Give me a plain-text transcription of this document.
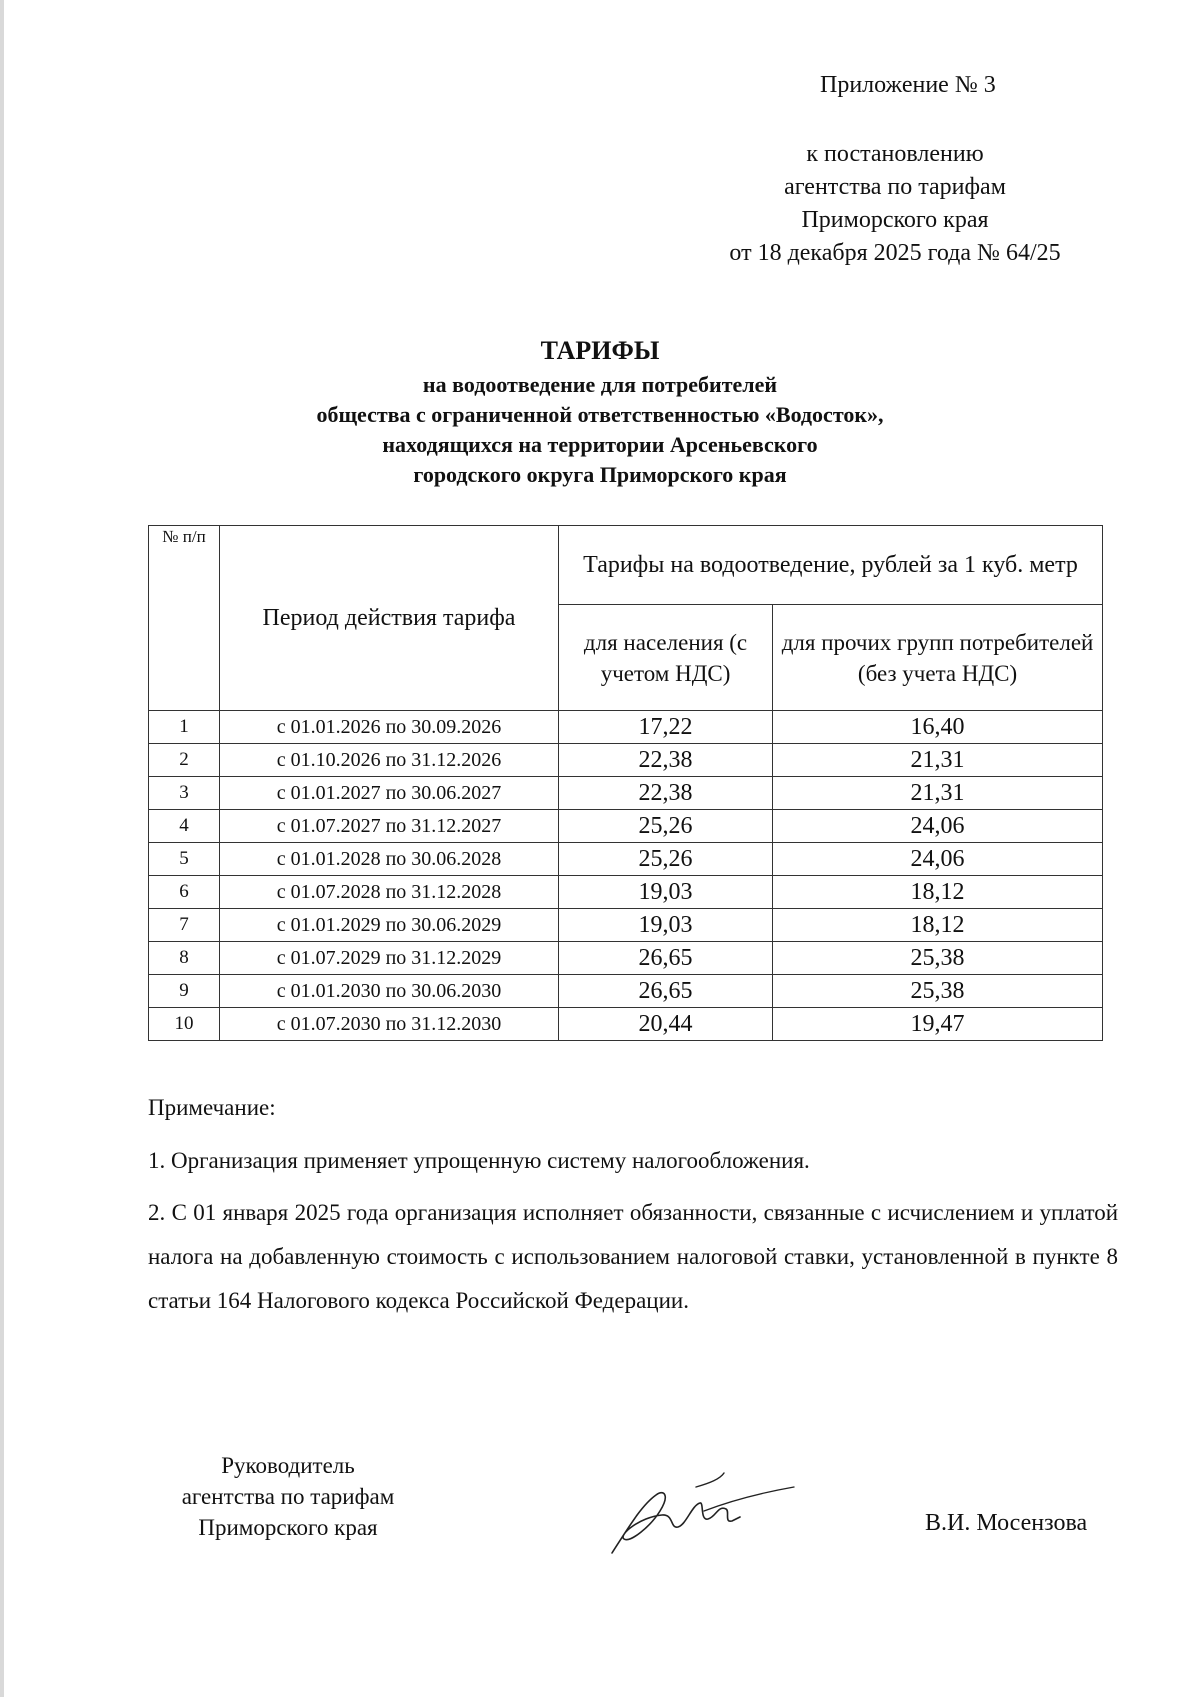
Приложение № 3
к постановлению
агентства по тарифам
Приморского края
от 18 декабря 2025 года № 64/25
ТАРИФЫ
на водоотведение для потребителей
общества с ограниченной ответственностью «Водосток»,
находящихся на территории Арсеньевского
городского округа Приморского края
№ п/п	Период действия тарифа	Тарифы на водоотведение, рублей за 1 куб. метр	
		для населения (с учетом НДС)	для прочих групп потребителей (без учета НДС)
1	с 01.01.2026 по 30.09.2026	17,22	16,40
2	с 01.10.2026 по 31.12.2026	22,38	21,31
3	с 01.01.2027 по 30.06.2027	22,38	21,31
4	с 01.07.2027 по 31.12.2027	25,26	24,06
5	с 01.01.2028 по 30.06.2028	25,26	24,06
6	с 01.07.2028 по 31.12.2028	19,03	18,12
7	с 01.01.2029 по 30.06.2029	19,03	18,12
8	с 01.07.2029 по 31.12.2029	26,65	25,38
9	с 01.01.2030 по 30.06.2030	26,65	25,38
10	с 01.07.2030 по 31.12.2030	20,44	19,47
Примечание:

1. Организация применяет упрощенную систему налогообложения.

2. С 01 января 2025 года организация исполняет обязанности, связанные с исчислением и уплатой налога на добавленную стоимость с использованием налоговой ставки, установленной в пункте 8 статьи 164 Налогового кодекса Российской Федерации.

Руководитель
агентства по тарифам
Приморского края	В.И. Мосензова
